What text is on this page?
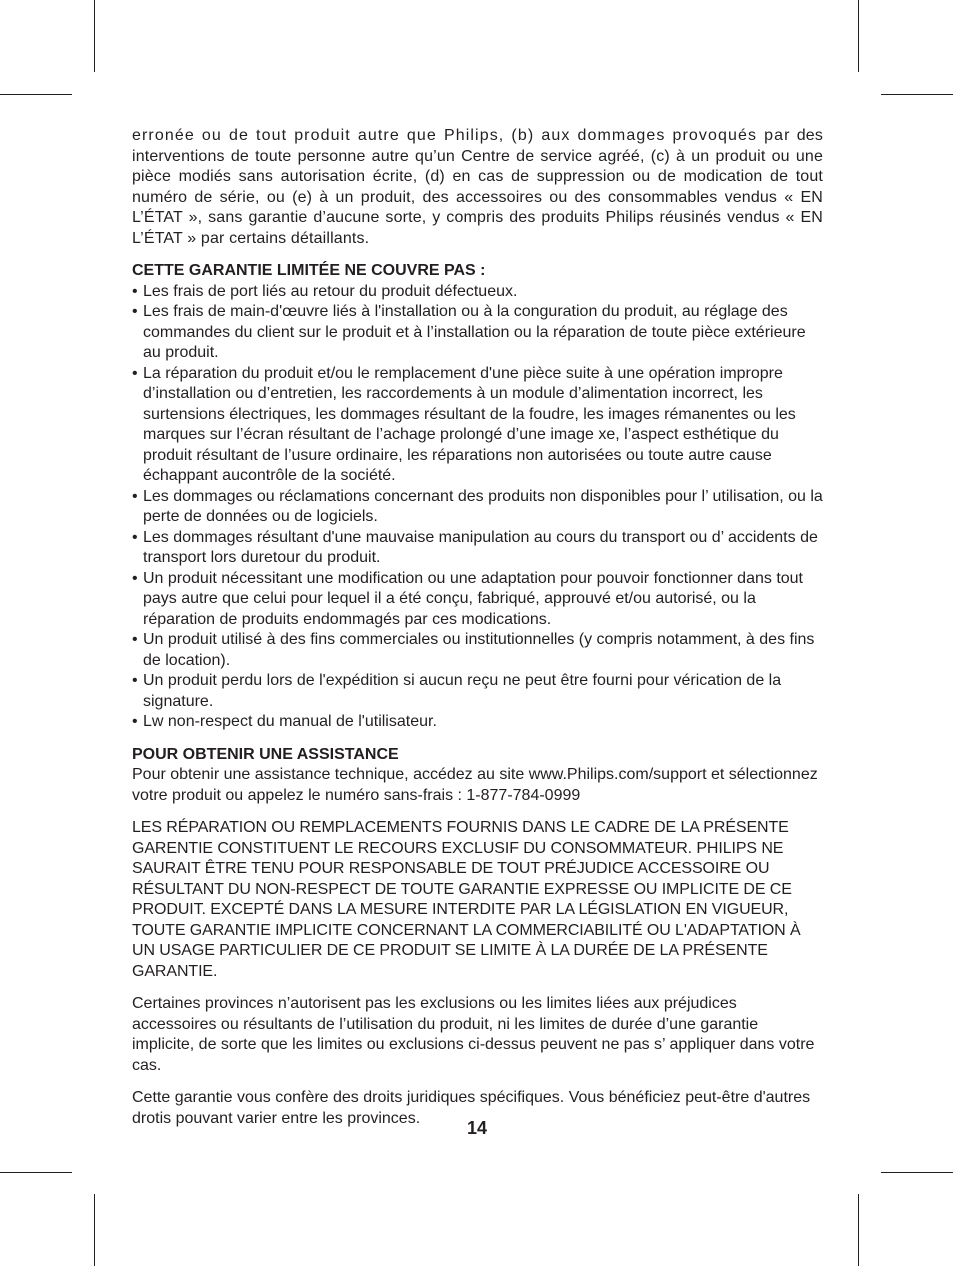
erronée ou de tout produit autre que Philips, (b) aux dommages provoqués par des interventions de toute personne autre qu’un Centre de service agréé, (c) à un produit ou une pièce modiés sans autorisation écrite, (d) en cas de suppression ou de modication de tout numéro de série, ou (e) à un produit, des accessoires ou des consommables vendus « EN L’ÉTAT », sans garantie d’aucune sorte, y compris des produits Philips réusinés vendus « EN L’ÉTAT » par certains détaillants.

CETTE GARANTIE LIMITÉE NE COUVRE PAS :

• Les frais de port liés au retour du produit défectueux.
• Les frais de main-d'œuvre liés à l'installation ou à la conguration du produit, au réglage des commandes du client sur le produit et à l’installation ou la réparation de toute pièce extérieure au produit.
• La réparation du produit et/ou le remplacement d'une pièce suite à une opération impropre d’installation ou d’entretien, les raccordements à un module d’alimentation incorrect, les surtensions électriques, les dommages résultant de la foudre, les images rémanentes ou les marques sur l’écran résultant de l’achage prolongé d’une image xe, l’aspect esthétique du produit résultant de l’usure ordinaire, les réparations non autorisées ou toute autre cause échappant aucontrôle de la société.
• Les dommages ou réclamations concernant des produits non disponibles pour l’ utilisation, ou la perte de données ou de logiciels.
• Les dommages résultant d'une mauvaise manipulation au cours du transport ou d’ accidents de transport lors duretour du produit.
• Un produit nécessitant une modification ou une adaptation pour pouvoir fonctionner dans tout pays autre que celui pour lequel il a été conçu, fabriqué, approuvé et/ou autorisé, ou la réparation de produits endommagés par ces modications.
• Un produit utilisé à des fins commerciales ou institutionnelles (y compris notamment, à des fins de location).
• Un produit perdu lors de l'expédition si aucun reçu ne peut être fourni pour vérication de la signature.
• Lw non-respect du manual de l'utilisateur.

POUR OBTENIR UNE ASSISTANCE

Pour obtenir une assistance technique, accédez au site www.Philips.com/support et sélectionnez votre produit ou appelez le numéro sans-frais : 1-877-784-0999

LES RÉPARATION OU REMPLACEMENTS FOURNIS DANS LE CADRE DE LA PRÉSENTE GARENTIE CONSTITUENT LE RECOURS EXCLUSIF DU CONSOMMATEUR. PHILIPS NE SAURAIT ÊTRE TENU POUR RESPONSABLE DE TOUT PRÉJUDICE ACCESSOIRE OU RÉSULTANT DU NON-RESPECT DE TOUTE GARANTIE EXPRESSE OU IMPLICITE DE CE PRODUIT. EXCEPTÉ DANS LA MESURE INTERDITE PAR LA LÉGISLATION EN VIGUEUR, TOUTE GARANTIE IMPLICITE CONCERNANT LA COMMERCIABILITÉ OU L'ADAPTATION À UN USAGE PARTICULIER DE CE PRODUIT SE LIMITE À LA DURÉE DE LA PRÉSENTE GARANTIE.

Certaines provinces n’autorisent pas les exclusions ou les limites liées aux préjudices accessoires ou résultants de l’utilisation du produit, ni les limites de durée d’une garantie implicite, de sorte que les limites ou exclusions ci-dessus peuvent ne pas s’ appliquer dans votre cas.

Cette garantie vous confère des droits juridiques spécifiques. Vous bénéficiez peut-être d'autres drotis pouvant varier entre les provinces.	14
